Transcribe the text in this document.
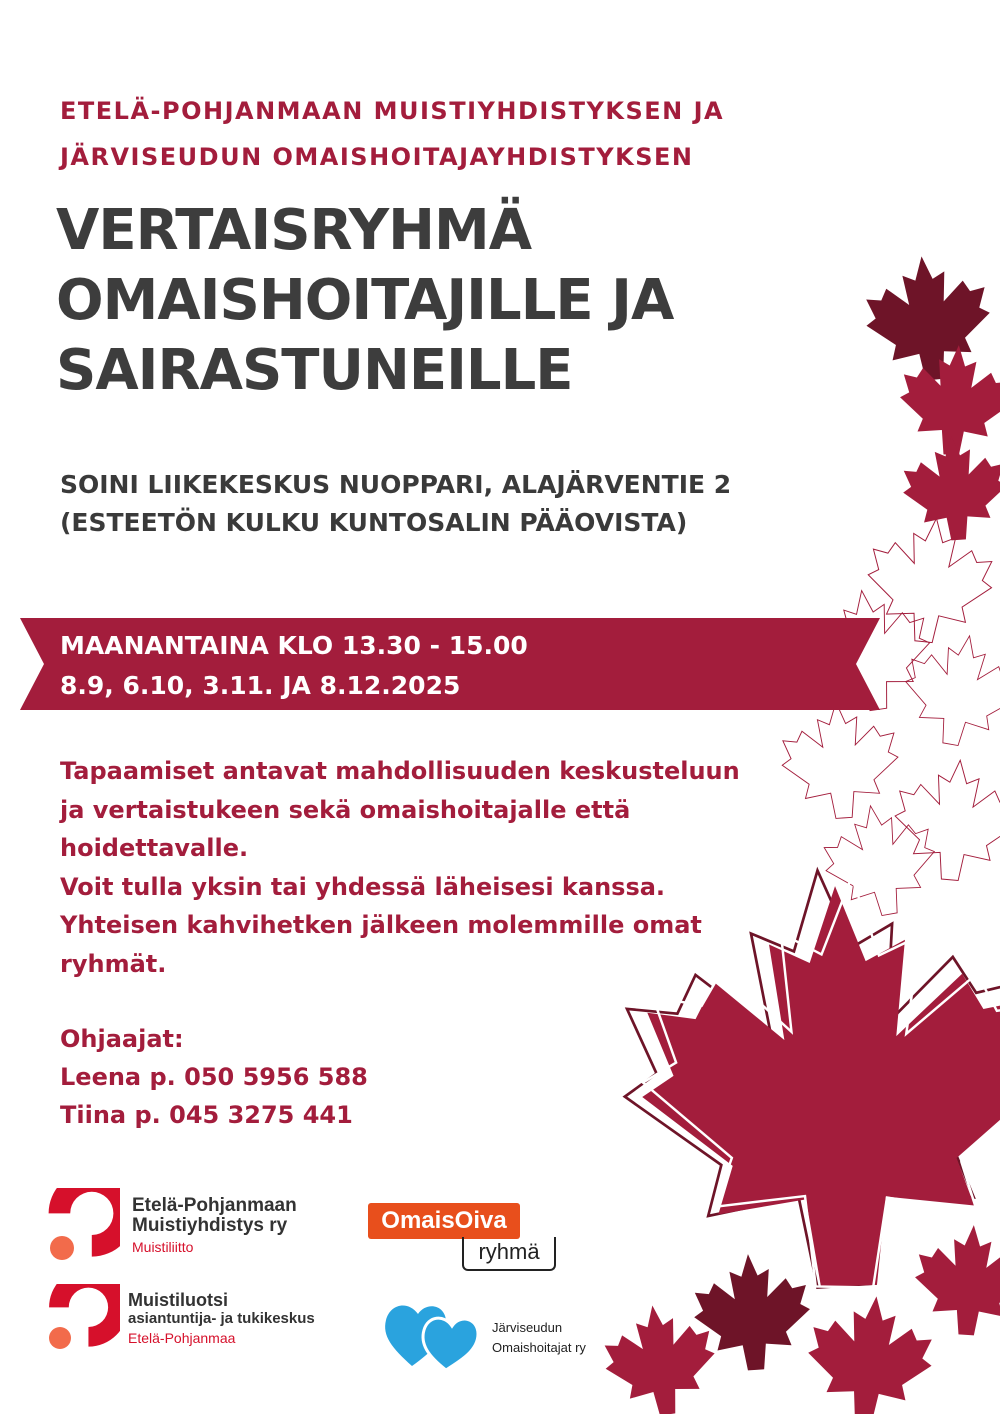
ETELÄ-POHJANMAAN MUISTIYHDISTYKSEN JA
JÄRVISEUDUN OMAISHOITAJAYHDISTYKSEN
VERTAISRYHMÄ
OMAISHOITAJILLE JA
SAIRASTUNEILLE
SOINI LIIKEKESKUS NUOPPARI, ALAJÄRVENTIE 2
(ESTEETÖN KULKU KUNTOSALIN PÄÄOVISTA)
MAANANTAINA KLO 13.30 - 15.00
8.9, 6.10, 3.11. JA 8.12.2025
Tapaamiset antavat mahdollisuuden keskusteluun
ja vertaistukeen sekä omaishoitajalle että
hoidettavalle.
Voit tulla yksin tai yhdessä läheisesi kanssa.
Yhteisen kahvihetken jälkeen molemmille omat
ryhmät.
Ohjaajat:
Leena p. 050 5956 588
Tiina p. 045 3275 441
Etelä-Pohjanmaan
Muistiyhdistys ry
Muistiliitto
Muistiluotsi
asiantuntija- ja tukikeskus
Etelä-Pohjanmaa
OmaisOiva
ryhmä
Järviseudun
Omaishoitajat ry
